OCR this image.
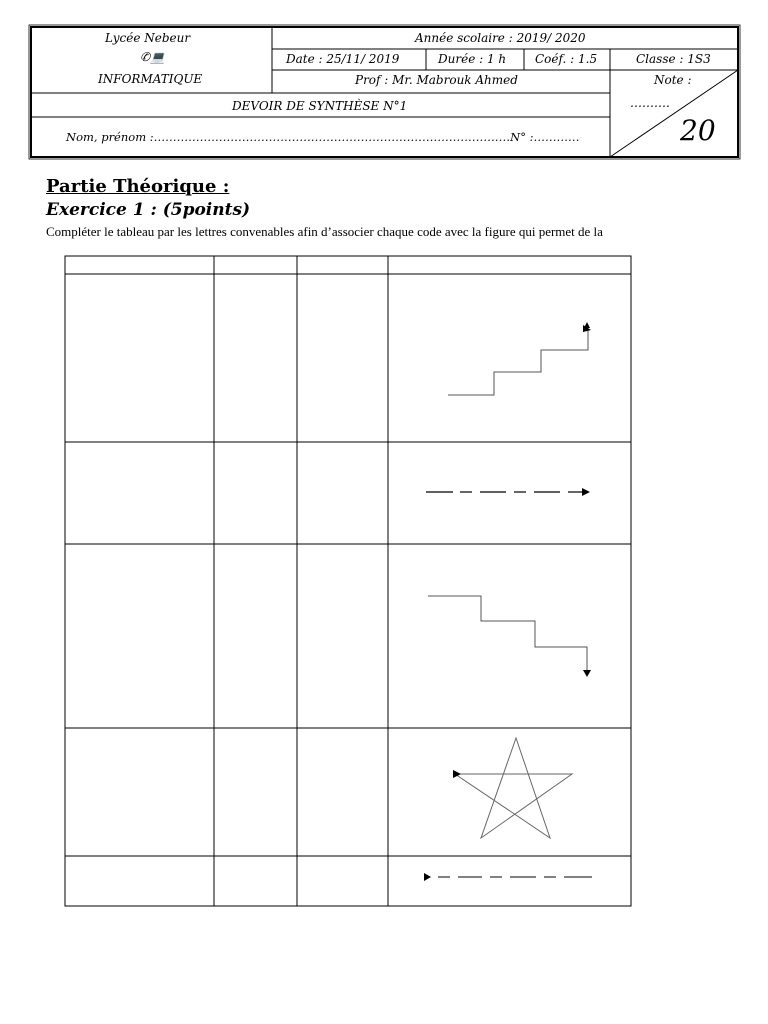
Lycée Nebeur
✆💻
INFORMATIQUE
Année scolaire : 2019/ 2020
Date : 25/11/ 2019	Durée : 1 h Coéf. : 1.5	Classe : 1S3
Prof : Mr. Mabrouk Ahmed	Note :
……….
DEVOIR DE SYNTHÈSE N°1
Nom, prénom :…………………………………………………………………………………N° :…………	20
Partie Théorique :
Exercice 1 : (5points)
Compléter le tableau par les lettres convenables afin d’associer chaque code avec la figure qui permet de la
